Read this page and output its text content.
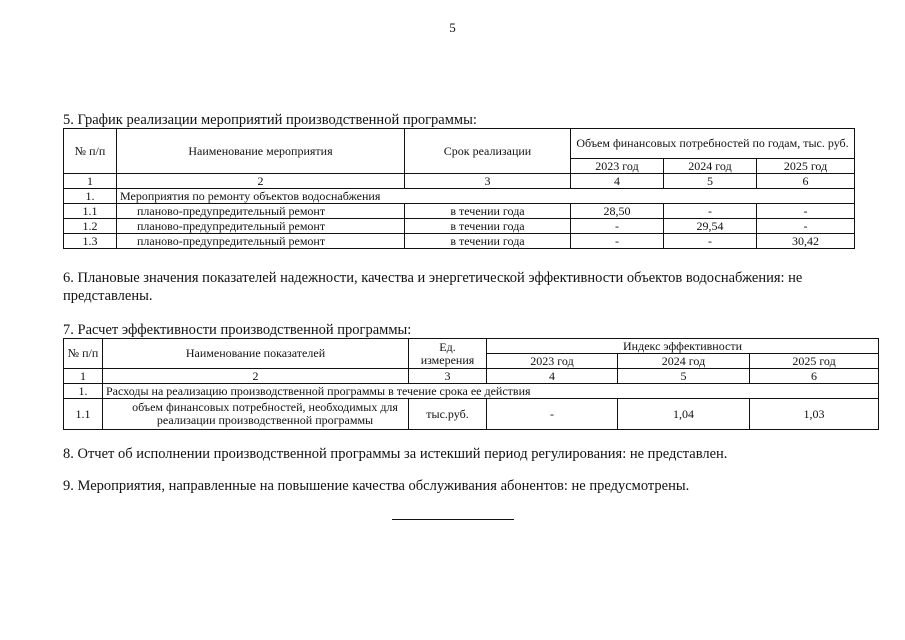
5
5. График реализации мероприятий производственной программы:
№ п/п	Наименование мероприятия	Срок реализации	Объем финансовых потребностей по годам, тыс. руб.		
			2023 год	2024 год	2025 год
1	2	3	4	5	6
1.	Мероприятия по ремонту объектов водоснабжения				
1.1	планово-предупредительный ремонт	в течении года	28,50	-	-
1.2	планово-предупредительный ремонт	в течении года	-	29,54	-
1.3	планово-предупредительный ремонт	в течении года	-	-	30,42
6. Плановые значения показателей надежности, качества и энергетической эффективности объектов водоснабжения: не представлены.
7. Расчет эффективности производственной программы:
№ п/п	Наименование показателей	Ед. измерения	Индекс эффективности		
			2023 год	2024 год	2025 год
1	2	3	4	5	6
1.	Расходы на реализацию производственной программы в течение срока ее действия				
1.1	объем финансовых потребностей, необходимых для реализации производственной программы	тыс.руб.	-	1,04	1,03
8. Отчет об исполнении производственной программы за истекший период регулирования: не представлен.
9. Мероприятия, направленные на повышение качества обслуживания абонентов: не предусмотрены.
